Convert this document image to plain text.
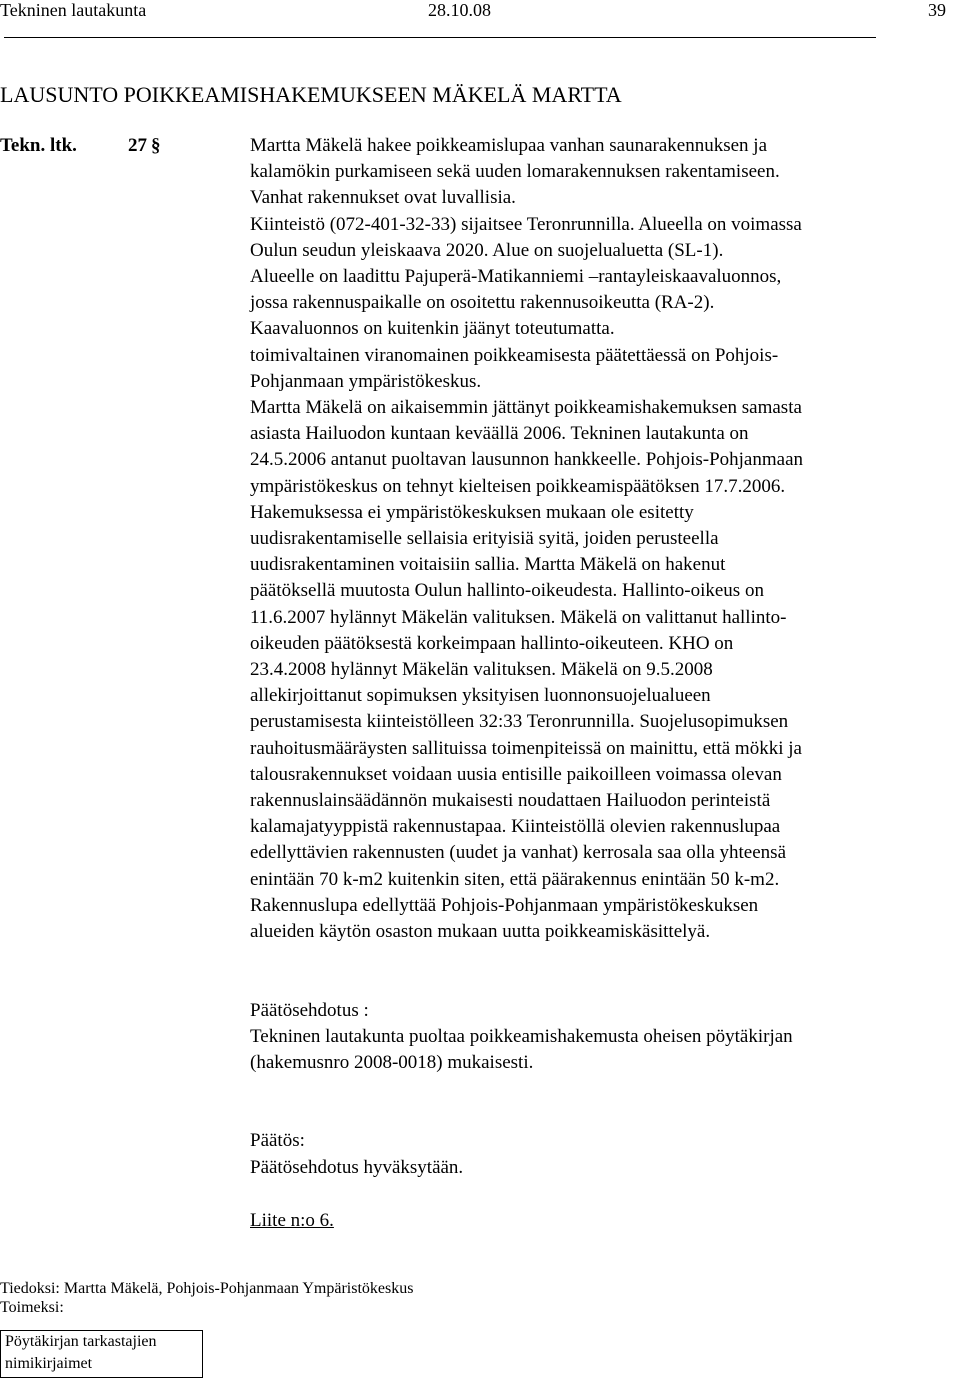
Tekninen lautakunta	28.10.08	39
LAUSUNTO POIKKEAMISHAKEMUKSEEN MÄKELÄ MARTTA
Tekn. ltk.	27 §	Martta Mäkelä hakee poikkeamislupaa vanhan saunarakennuksen ja
kalamökin purkamiseen sekä uuden lomarakennuksen rakentamiseen.
Vanhat rakennukset ovat luvallisia.
Kiinteistö (072-401-32-33) sijaitsee Teronrunnilla. Alueella on voimassa
Oulun seudun yleiskaava 2020. Alue on suojelualuetta (SL-1).
Alueelle on laadittu Pajuperä-Matikanniemi –rantayleiskaavaluonnos,
jossa rakennuspaikalle on osoitettu rakennusoikeutta (RA-2).
Kaavaluonnos on kuitenkin jäänyt toteutumatta.
toimivaltainen viranomainen poikkeamisesta päätettäessä on Pohjois-
Pohjanmaan ympäristökeskus.
Martta Mäkelä on aikaisemmin jättänyt poikkeamishakemuksen samasta
asiasta Hailuodon kuntaan keväällä 2006. Tekninen lautakunta on
24.5.2006 antanut puoltavan lausunnon hankkeelle. Pohjois-Pohjanmaan
ympäristökeskus on tehnyt kielteisen poikkeamispäätöksen 17.7.2006.
Hakemuksessa ei ympäristökeskuksen mukaan ole esitetty
uudisrakentamiselle sellaisia erityisiä syitä, joiden perusteella
uudisrakentaminen voitaisiin sallia. Martta Mäkelä on hakenut
päätöksellä muutosta Oulun hallinto-oikeudesta. Hallinto-oikeus on
11.6.2007 hylännyt Mäkelän valituksen. Mäkelä on valittanut hallinto-
oikeuden päätöksestä korkeimpaan hallinto-oikeuteen. KHO on
23.4.2008 hylännyt Mäkelän valituksen. Mäkelä on 9.5.2008
allekirjoittanut sopimuksen yksityisen luonnonsuojelualueen
perustamisesta kiinteistölleen 32:33 Teronrunnilla. Suojelusopimuksen
rauhoitusmääräysten sallituissa toimenpiteissä on mainittu, että mökki ja
talousrakennukset voidaan uusia entisille paikoilleen voimassa olevan
rakennuslainsäädännön mukaisesti noudattaen Hailuodon perinteistä
kalamajatyyppistä rakennustapaa. Kiinteistöllä olevien rakennuslupaa
edellyttävien rakennusten (uudet ja vanhat) kerrosala saa olla yhteensä
enintään 70 k-m2 kuitenkin siten, että päärakennus enintään 50 k-m2.
Rakennuslupa edellyttää Pohjois-Pohjanmaan ympäristökeskuksen
alueiden käytön osaston mukaan uutta poikkeamiskäsittelyä.
Päätösehdotus :
Tekninen lautakunta puoltaa poikkeamishakemusta oheisen pöytäkirjan
(hakemusnro 2008-0018) mukaisesti.
Päätös:
Päätösehdotus hyväksytään.
Liite n:o 6.
Tiedoksi: Martta Mäkelä, Pohjois-Pohjanmaan Ympäristökeskus
Toimeksi:
Pöytäkirjan tarkastajien
nimikirjaimet
